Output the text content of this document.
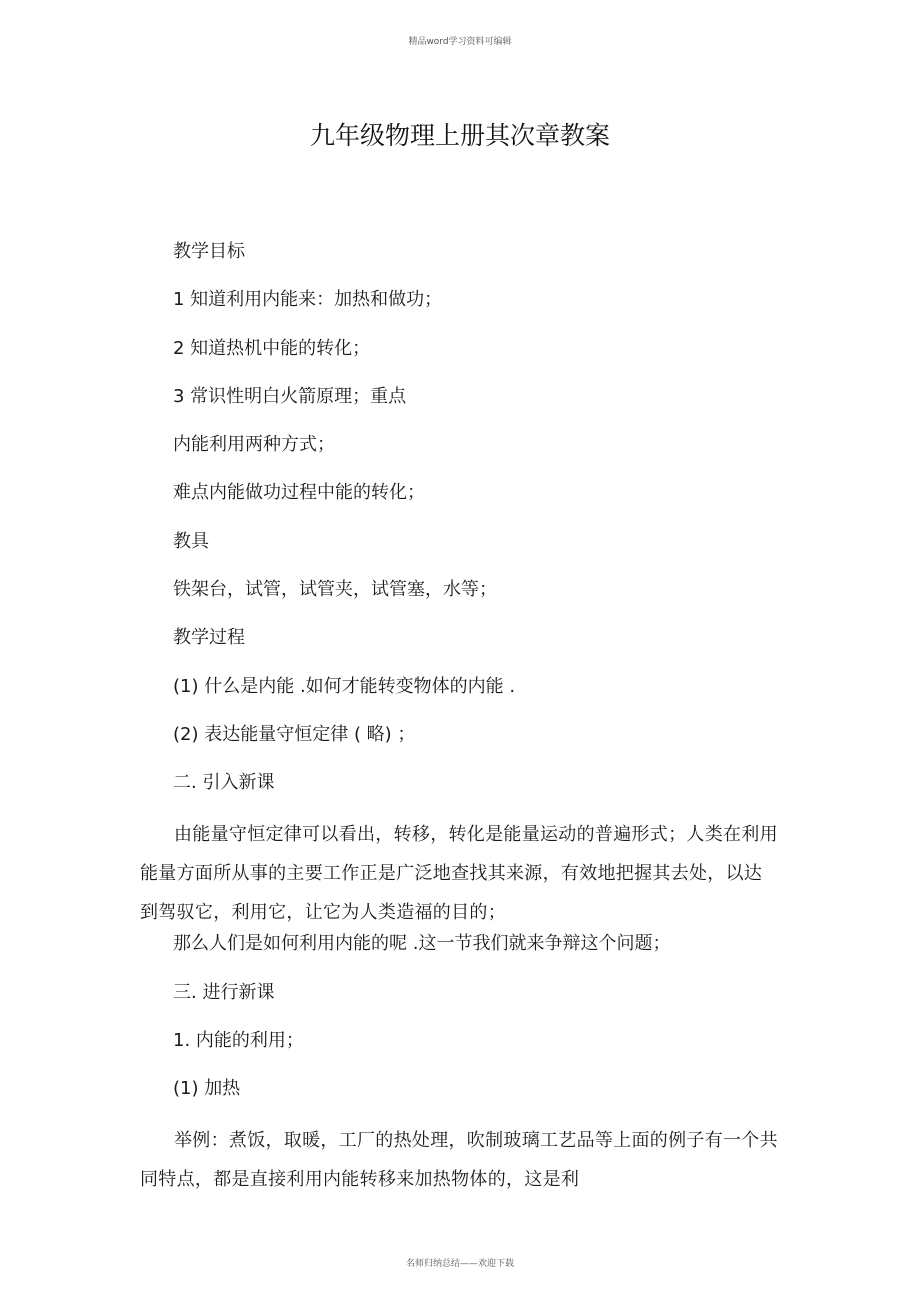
精品word学习资料可编辑
九年级物理上册其次章教案
教学目标
1 知道利用内能来：加热和做功；
2 知道热机中能的转化；
3 常识性明白火箭原理；重点
内能利用两种方式；
难点内能做功过程中能的转化；
教具
铁架台，试管，试管夹，试管塞，水等；
教学过程
(1) 什么是内能 .如何才能转变物体的内能 .
(2) 表达能量守恒定律 ( 略) ；
二. 引入新课

由能量守恒定律可以看出，转移，转化是能量运动的普遍形式；人类在利用能量方面所从事的主要工作正是广泛地查找其来源，有效地把握其去处，以达到驾驭它，利用它，让它为人类造福的目的；

那么人们是如何利用内能的呢 .这一节我们就来争辩这个问题；
三. 进行新课
1. 内能的利用；
(1) 加热

举例：煮饭，取暖，工厂的热处理，吹制玻璃工艺品等上面的例子有一个共同特点，都是直接利用内能转移来加热物体的，这是利

名师归纳总结——欢迎下载
